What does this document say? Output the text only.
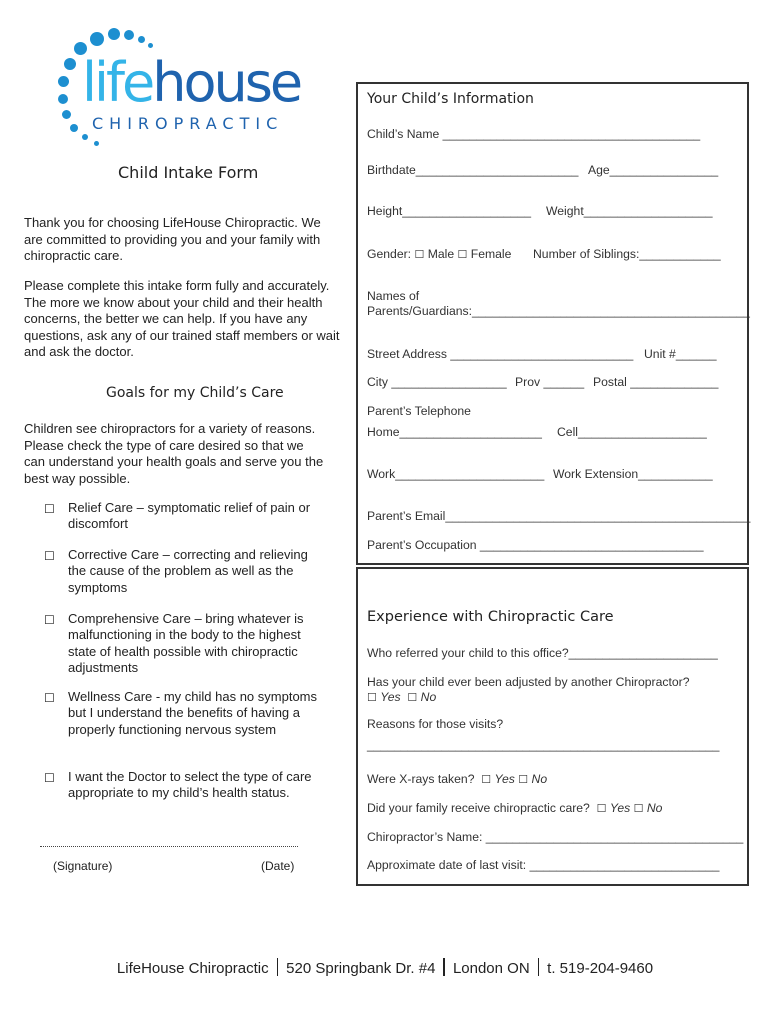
lifehouse
CHIROPRACTIC
Child Intake Form

Thank you for choosing LifeHouse Chiropractic. We are committed to providing you and your family with chiropractic care.

Please complete this intake form fully and accurately. The more we know about your child and their health concerns, the better we can help. If you have any questions, ask any of our trained staff members or wait and ask the doctor.

Goals for my Child’s Care

Children see chiropractors for a variety of reasons. Please check the type of care desired so that we can understand your health goals and serve you the best way possible.

☐	Relief Care – symptomatic relief of pain or discomfort
☐	Corrective Care – correcting and relieving the cause of the problem as well as the symptoms
☐	Comprehensive Care – bring whatever is malfunctioning in the body to the highest state of health possible with chiropractic adjustments
☐	Wellness Care - my child has no symptoms but I understand the benefits of having a properly functioning nervous system
☐	I want the Doctor to select the type of care appropriate to my child’s health status.
(Signature)	(Date)
Your Child’s Information
Child’s Name ______________________________________
Birthdate________________________ Age________________
Height___________________ Weight___________________
Gender: ☐ Male ☐ Female Number of Siblings:____________
Names of
Parents/Guardians:_________________________________________
Street Address ___________________________ Unit #______
City _________________ Prov ______ Postal _____________
Parent’s Telephone
Home_____________________ Cell___________________
Work______________________ Work Extension___________
Parent’s Email_____________________________________________
Parent’s Occupation _________________________________
Experience with Chiropractic Care
Who referred your child to this office?______________________
Has your child ever been adjusted by another Chiropractor?
☐ Yes ☐ No
Reasons for those visits?
____________________________________________________
Were X-rays taken? ☐ Yes ☐ No
Did your family receive chiropractic care? ☐ Yes ☐ No
Chiropractor’s Name: ______________________________________
Approximate date of last visit: ____________________________
LifeHouse Chiropractic 520 Springbank Dr. #4 London ON t. 519-204-9460
